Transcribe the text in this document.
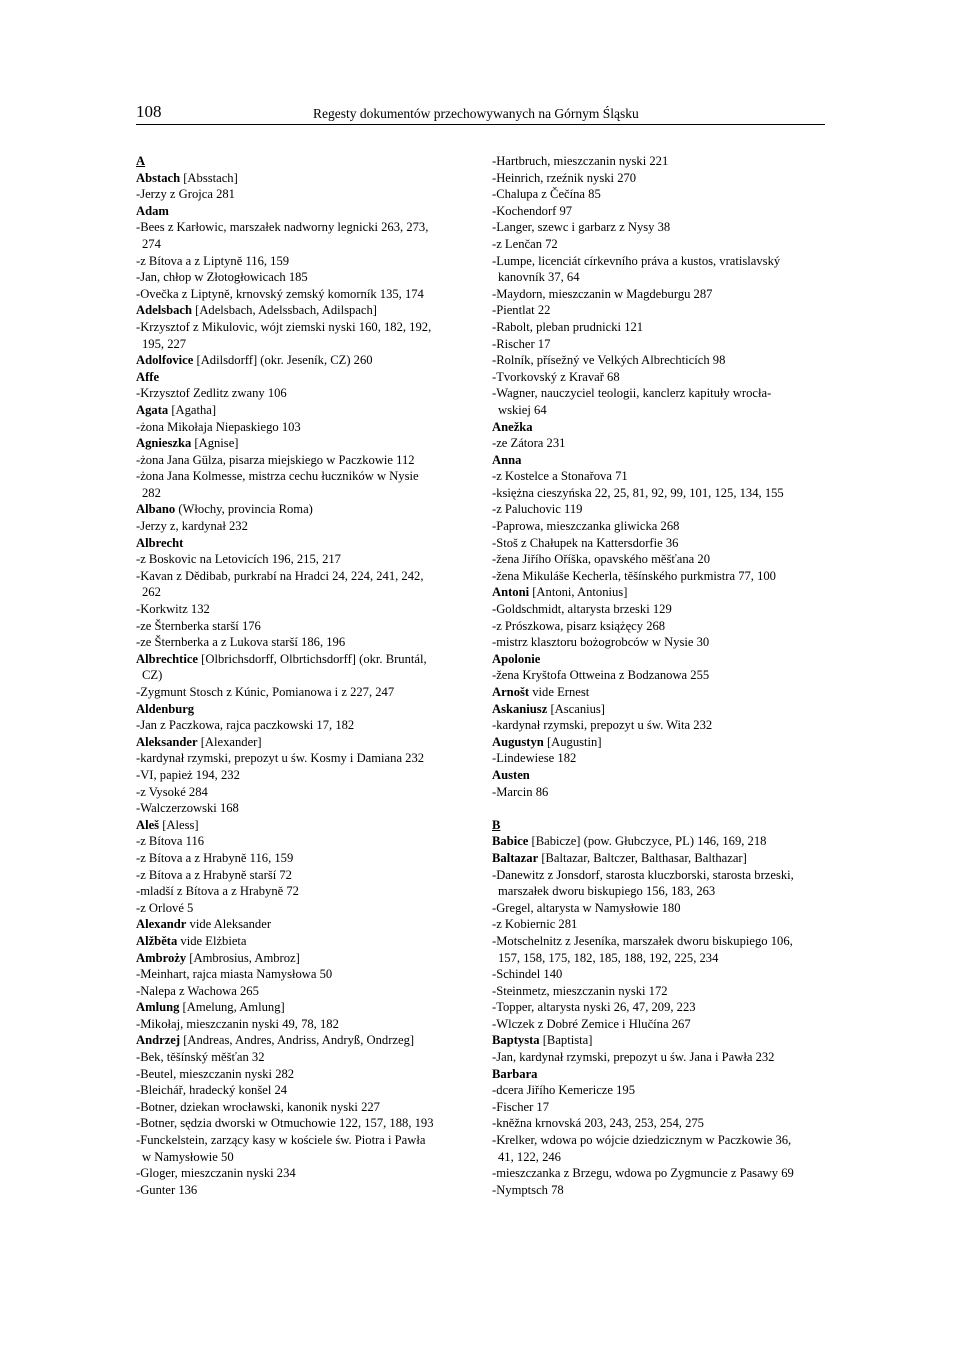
108	Regesty dokumentów przechowywanych na Górnym Śląsku
A
Abstach [Absstach]
-Jerzy z Grojca 281
Adam
-Bees z Karłowic, marszałek nadworny legnicki 263, 273,
274
-z Bítova a z Liptyně 116, 159
-Jan, chłop w Złotogłowicach 185
-Ovečka z Liptyně, krnovský zemský komorník 135, 174
Adelsbach [Adelsbach, Adelssbach, Adilspach]
-Krzysztof z Mikulovic, wójt ziemski nyski 160, 182, 192,
195, 227
Adolfovice [Adilsdorff] (okr. Jeseník, CZ) 260
Affe
-Krzysztof Zedlitz zwany 106
Agata [Agatha]
-żona Mikołaja Niepaskiego 103
Agnieszka [Agnise]
-żona Jana Gülza, pisarza miejskiego w Paczkowie 112
-żona Jana Kolmesse, mistrza cechu łuczników w Nysie
282
Albano (Włochy, provincia Roma)
-Jerzy z, kardynał 232
Albrecht
-z Boskovic na Letovicích 196, 215, 217
-Kavan z Dědibab, purkrabí na Hradci 24, 224, 241, 242,
262
-Korkwitz 132
-ze Šternberka starší 176
-ze Šternberka a z Lukova starší 186, 196
Albrechtice [Olbrichsdorff, Olbrtichsdorff] (okr. Bruntál,
CZ)
-Zygmunt Stosch z Kúnic, Pomianowa i z 227, 247
Aldenburg
-Jan z Paczkowa, rajca paczkowski 17, 182
Aleksander [Alexander]
-kardynał rzymski, prepozyt u św. Kosmy i Damiana 232
-VI, papież 194, 232
-z Vysoké 284
-Walczerzowski 168
Aleš [Aless]
-z Bítova 116
-z Bítova a z Hrabyně 116, 159
-z Bítova a z Hrabyně starší 72
-mladší z Bítova a z Hrabyně 72
-z Orlové 5
Alexandr vide Aleksander
Alžběta vide Elżbieta
Ambroży [Ambrosius, Ambroz]
-Meinhart, rajca miasta Namysłowa 50
-Nalepa z Wachowa 265
Amlung [Amelung, Amlung]
-Mikołaj, mieszczanin nyski 49, 78, 182
Andrzej [Andreas, Andres, Andriss, Andryß, Ondrzeg]
-Bek, těšínský měšťan 32
-Beutel, mieszczanin nyski 282
-Bleichář, hradecký konšel 24
-Botner, dziekan wrocławski, kanonik nyski 227
-Botner, sędzia dworski w Otmuchowie 122, 157, 188, 193
-Funckelstein, zarzący kasy w kościele św. Piotra i Pawła
w Namysłowie 50
-Gloger, mieszczanin nyski 234
-Gunter 136
-Hartbruch, mieszczanin nyski 221
-Heinrich, rzeźnik nyski 270
-Chalupa z Čečína 85
-Kochendorf 97
-Langer, szewc i garbarz z Nysy 38
-z Lenčan 72
-Lumpe, licenciát církevního práva a kustos, vratislavský
kanovník 37, 64
-Maydorn, mieszczanin w Magdeburgu 287
-Pientlat 22
-Rabolt, pleban prudnicki 121
-Rischer 17
-Rolník, přísežný ve Velkých Albrechticích 98
-Tvorkovský z Kravař 68
-Wagner, nauczyciel teologii, kanclerz kapituły wrocła-
wskiej 64
Anežka
-ze Zátora 231
Anna
-z Kostelce a Stonařova 71
-księżna cieszyńska 22, 25, 81, 92, 99, 101, 125, 134, 155
-z Paluchovic 119
-Paprowa, mieszczanka gliwicka 268
-Stoš z Chałupek na Kattersdorfie 36
-žena Jiřího Oříška, opavského měšťana 20
-žena Mikuláše Kecherla, těšínského purkmistra 77, 100
Antoni [Antoni, Antonius]
-Goldschmidt, altarysta brzeski 129
-z Prószkowa, pisarz książęcy 268
-mistrz klasztoru bożogrobców w Nysie 30
Apolonie
-žena Kryštofa Ottweina z Bodzanowa 255
Arnošt vide Ernest
Askaniusz [Ascanius]
-kardynał rzymski, prepozyt u św. Wita 232
Augustyn [Augustin]
-Lindewiese 182
Austen
-Marcin 86
B
Babice [Babicze] (pow. Głubczyce, PL) 146, 169, 218
Baltazar [Baltazar, Baltczer, Balthasar, Balthazar]
-Danewitz z Jonsdorf, starosta kluczborski, starosta brzeski,
marszałek dworu biskupiego 156, 183, 263
-Gregel, altarysta w Namysłowie 180
-z Kobiernic 281
-Motschelnitz z Jeseníka, marszałek dworu biskupiego 106,
157, 158, 175, 182, 185, 188, 192, 225, 234
-Schindel 140
-Steinmetz, mieszczanin nyski 172
-Topper, altarysta nyski 26, 47, 209, 223
-Wlczek z Dobré Zemice i Hlučína 267
Baptysta [Baptista]
-Jan, kardynał rzymski, prepozyt u św. Jana i Pawła 232
Barbara
-dcera Jiřího Kemericze 195
-Fischer 17
-kněžna krnovská 203, 243, 253, 254, 275
-Krelker, wdowa po wójcie dziedzicznym w Paczkowie 36,
41, 122, 246
-mieszczanka z Brzegu, wdowa po Zygmuncie z Pasawy 69
-Nymptsch 78
